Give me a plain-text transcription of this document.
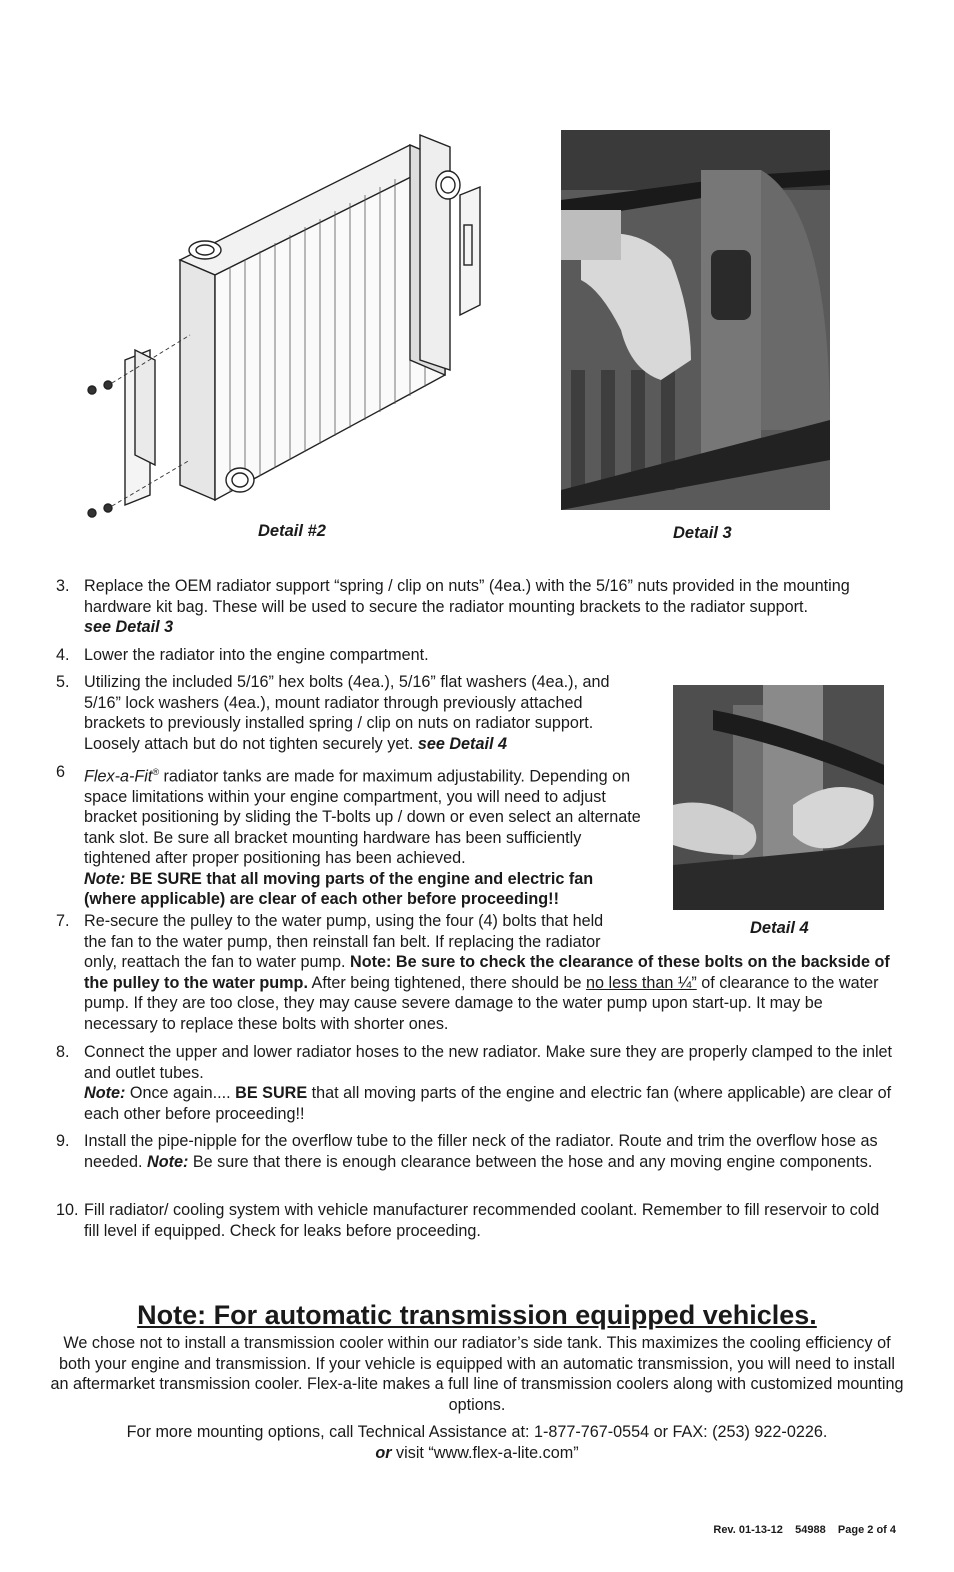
Detail #2	Detail 3
Detail 4
3. Replace the OEM radiator support “spring / clip on nuts” (4ea.) with the 5/16” nuts provided in the mounting hardware kit bag. These will be used to secure the radiator mounting brackets to the radiator support.
see Detail 3

4. Lower the radiator into the engine compartment.

5. Utilizing the included 5/16” hex bolts (4ea.), 5/16” flat washers (4ea.), and 5/16” lock washers (4ea.), mount radiator through previously attached brackets to previously installed spring / clip on nuts on radiator support. Loosely attach but do not tighten securely yet. see Detail 4

6 Flex-a-Fit® radiator tanks are made for maximum adjustability. Depending on space limitations within your engine compartment, you will need to adjust bracket positioning by sliding the T-bolts up / down or even select an alternate tank slot. Be sure all bracket mounting hardware has been sufficiently tightened after proper positioning has been achieved.
Note: BE SURE that all moving parts of the engine and electric fan (where applicable) are clear of each other before proceeding!!

7. Re-secure the pulley to the water pump, using the four (4) bolts that held the fan to the water pump, then reinstall fan belt. If replacing the radiator only, reattach the fan to water pump. Note: Be sure to check the clearance of these bolts on the backside of the pulley to the water pump. After being tightened, there should be no less than ¼” of clearance to the water pump. If they are too close, they may cause severe damage to the water pump upon start-up. It may be necessary to replace these bolts with shorter ones.

8. Connect the upper and lower radiator hoses to the new radiator. Make sure they are properly clamped to the inlet and outlet tubes.
Note: Once again.... BE SURE that all moving parts of the engine and electric fan (where applicable) are clear of each other before proceeding!!

9. Install the pipe-nipple for the overflow tube to the filler neck of the radiator. Route and trim the overflow hose as needed. Note: Be sure that there is enough clearance between the hose and any moving engine components.

10. Fill radiator/ cooling system with vehicle manufacturer recommended coolant. Remember to fill reservoir to cold fill level if equipped. Check for leaks before proceeding.

Note: For automatic transmission equipped vehicles.
We chose not to install a transmission cooler within our radiator’s side tank. This maximizes the cooling efficiency of both your engine and transmission. If your vehicle is equipped with an automatic transmission, you will need to install an aftermarket transmission cooler. Flex-a-lite makes a full line of transmission coolers along with customized mounting options.
For more mounting options, call Technical Assistance at: 1-877-767-0554 or FAX: (253) 922-0226.
or visit “www.flex-a-lite.com”
Rev. 01-13-12    54988    Page 2 of 4
